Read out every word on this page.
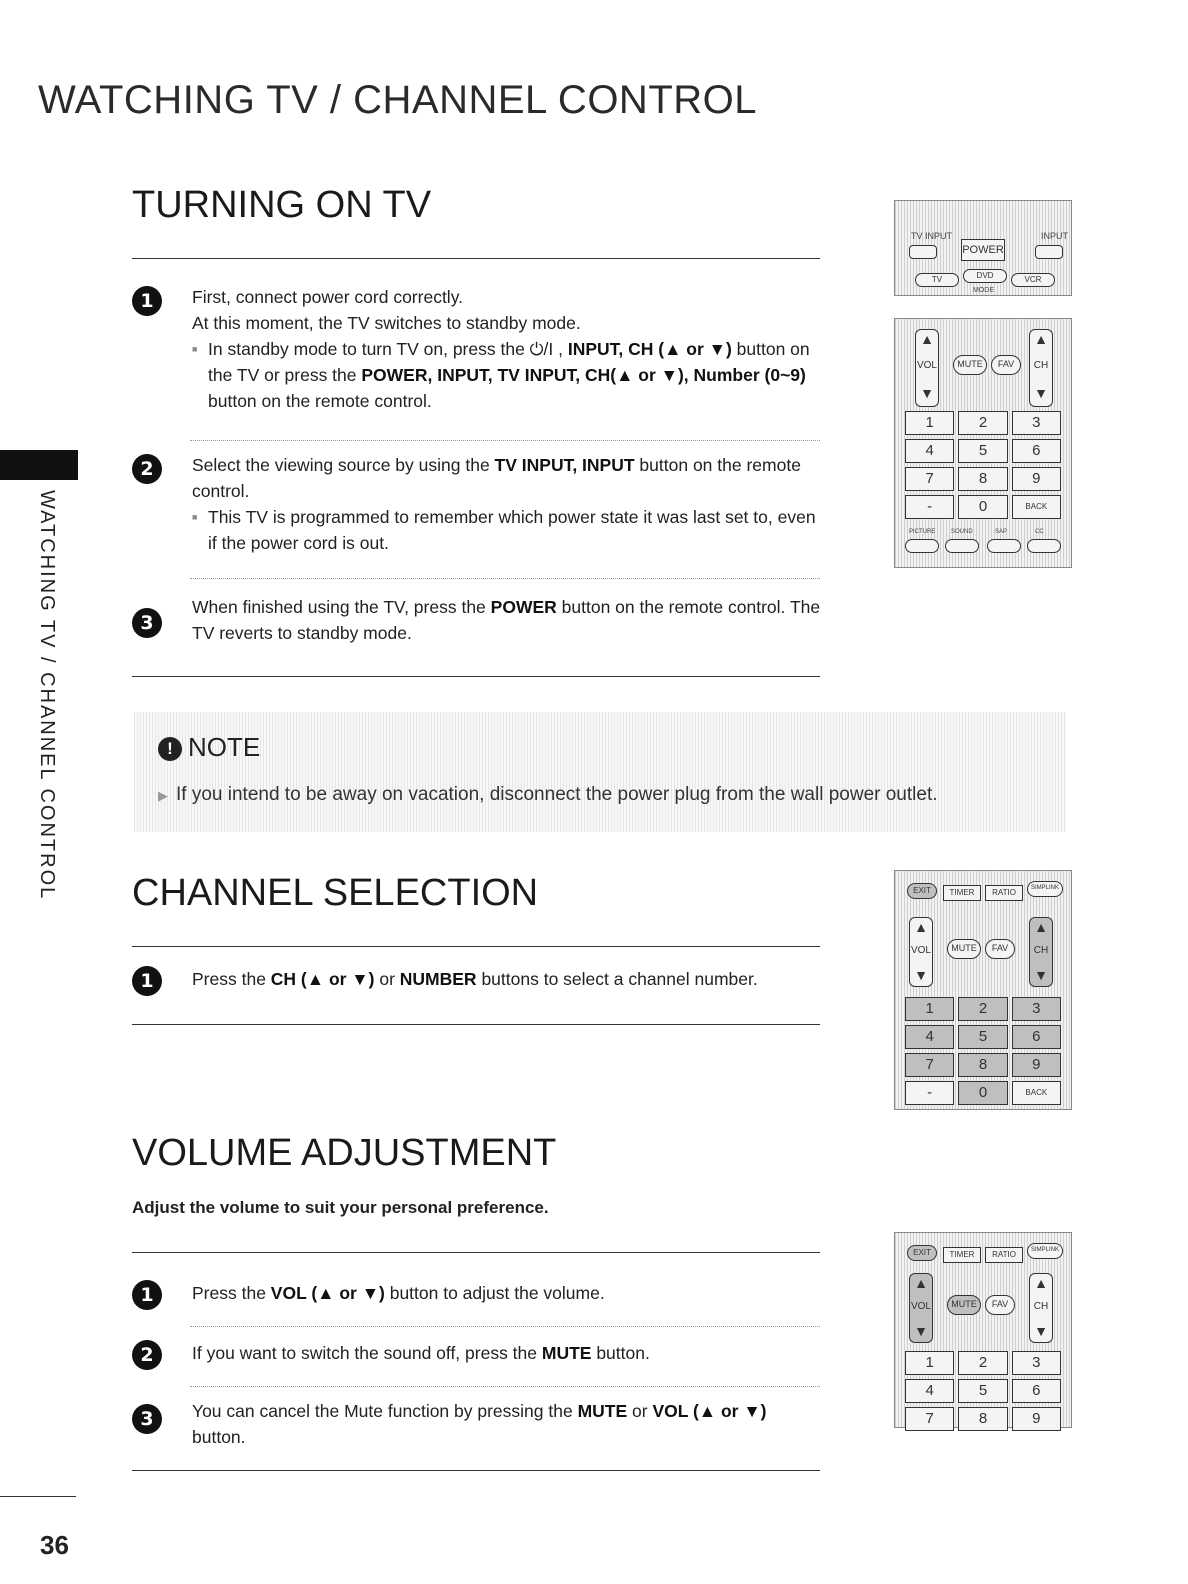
WATCHING TV / CHANNEL CONTROL
WATCHING TV / CHANNEL CONTROL
TURNING ON TV
1	First, connect power cord correctly.
At this moment, the TV switches to standby mode.
■ In standby mode to turn TV on, press the ⏻/I , INPUT, CH (▲ or ▼) button on the TV or press the POWER, INPUT, TV INPUT, CH(▲ or ▼), Number (0~9) button on the remote control.
2	Select the viewing source by using the TV INPUT, INPUT button on the remote control.
■ This TV is programmed to remember which power state it was last set to, even if the power cord is out.
3
When finished using the TV, press the POWER button on the remote control. The TV reverts to standby mode.
TV INPUT	INPUT
POWER
TV	DVD	VCR
MODE
▲
VOL
▼
MUTE	FAV
▲
CH
▼
1	2	3
4	5	6
7	8	9
-	0	BACK
PICTURE	SOUND	SAP	CC
! NOTE
▶ If you intend to be away on vacation, disconnect the power plug from the wall power outlet.
CHANNEL SELECTION
1	Press the CH (▲ or ▼) or NUMBER buttons to select a channel number.
EXIT	TIMER	RATIO	SIMPLINK
▲
VOL
▼
MUTE	FAV
▲
CH
▼
1	2	3
4	5	6
7	8	9
-	0	BACK
VOLUME ADJUSTMENT
Adjust the volume to suit your personal preference.
1	Press the VOL (▲ or ▼) button to adjust the volume.
2	If you want to switch the sound off, press the MUTE button.
3	You can cancel the Mute function by pressing the MUTE or VOL (▲ or ▼) button.
EXIT	TIMER	RATIO	SIMPLINK
▲
VOL
▼
MUTE	FAV
▲
CH
▼
1	2	3
4	5	6
7	8	9
36
